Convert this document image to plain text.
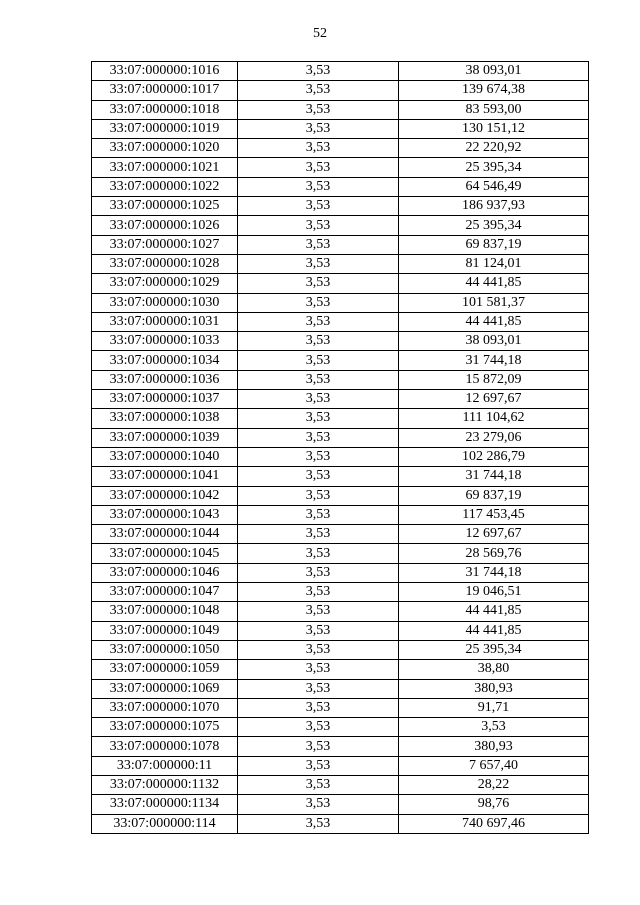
52
33:07:000000:1016	3,53	38 093,01
33:07:000000:1017	3,53	139 674,38
33:07:000000:1018	3,53	83 593,00
33:07:000000:1019	3,53	130 151,12
33:07:000000:1020	3,53	22 220,92
33:07:000000:1021	3,53	25 395,34
33:07:000000:1022	3,53	64 546,49
33:07:000000:1025	3,53	186 937,93
33:07:000000:1026	3,53	25 395,34
33:07:000000:1027	3,53	69 837,19
33:07:000000:1028	3,53	81 124,01
33:07:000000:1029	3,53	44 441,85
33:07:000000:1030	3,53	101 581,37
33:07:000000:1031	3,53	44 441,85
33:07:000000:1033	3,53	38 093,01
33:07:000000:1034	3,53	31 744,18
33:07:000000:1036	3,53	15 872,09
33:07:000000:1037	3,53	12 697,67
33:07:000000:1038	3,53	111 104,62
33:07:000000:1039	3,53	23 279,06
33:07:000000:1040	3,53	102 286,79
33:07:000000:1041	3,53	31 744,18
33:07:000000:1042	3,53	69 837,19
33:07:000000:1043	3,53	117 453,45
33:07:000000:1044	3,53	12 697,67
33:07:000000:1045	3,53	28 569,76
33:07:000000:1046	3,53	31 744,18
33:07:000000:1047	3,53	19 046,51
33:07:000000:1048	3,53	44 441,85
33:07:000000:1049	3,53	44 441,85
33:07:000000:1050	3,53	25 395,34
33:07:000000:1059	3,53	38,80
33:07:000000:1069	3,53	380,93
33:07:000000:1070	3,53	91,71
33:07:000000:1075	3,53	3,53
33:07:000000:1078	3,53	380,93
33:07:000000:11	3,53	7 657,40
33:07:000000:1132	3,53	28,22
33:07:000000:1134	3,53	98,76
33:07:000000:114	3,53	740 697,46
